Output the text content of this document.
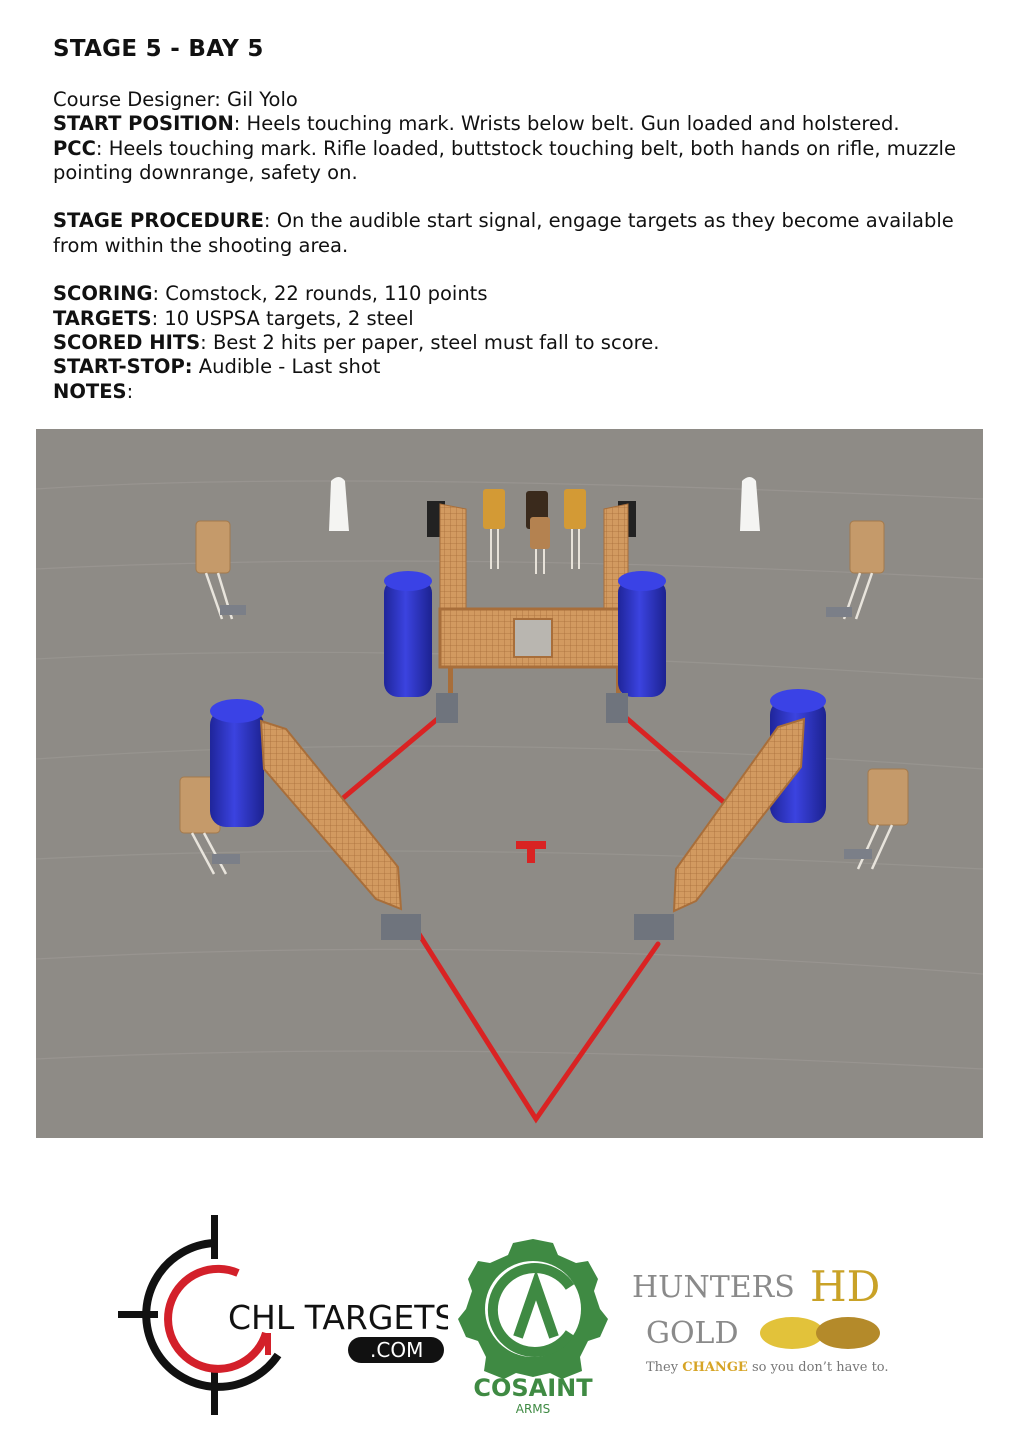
STAGE 5 - BAY 5

Course Designer: Gil Yolo

START POSITION: Heels touching mark. Wrists below belt. Gun loaded and holstered.

PCC: Heels touching mark. Rifle loaded, buttstock touching belt, both hands on rifle, muzzle pointing downrange, safety on.

STAGE PROCEDURE: On the audible start signal, engage targets as they become available from within the shooting area.

SCORING: Comstock, 22 rounds, 110 points

TARGETS: 10 USPSA targets, 2 steel

SCORED HITS: Best 2 hits per paper, steel must fall to score.

START-STOP: Audible - Last shot

NOTES:

CHL TARGETS
.COM
COSAINT
ARMS
HUNTERS HD
GOLD
They CHANGE so you don’t have to.
